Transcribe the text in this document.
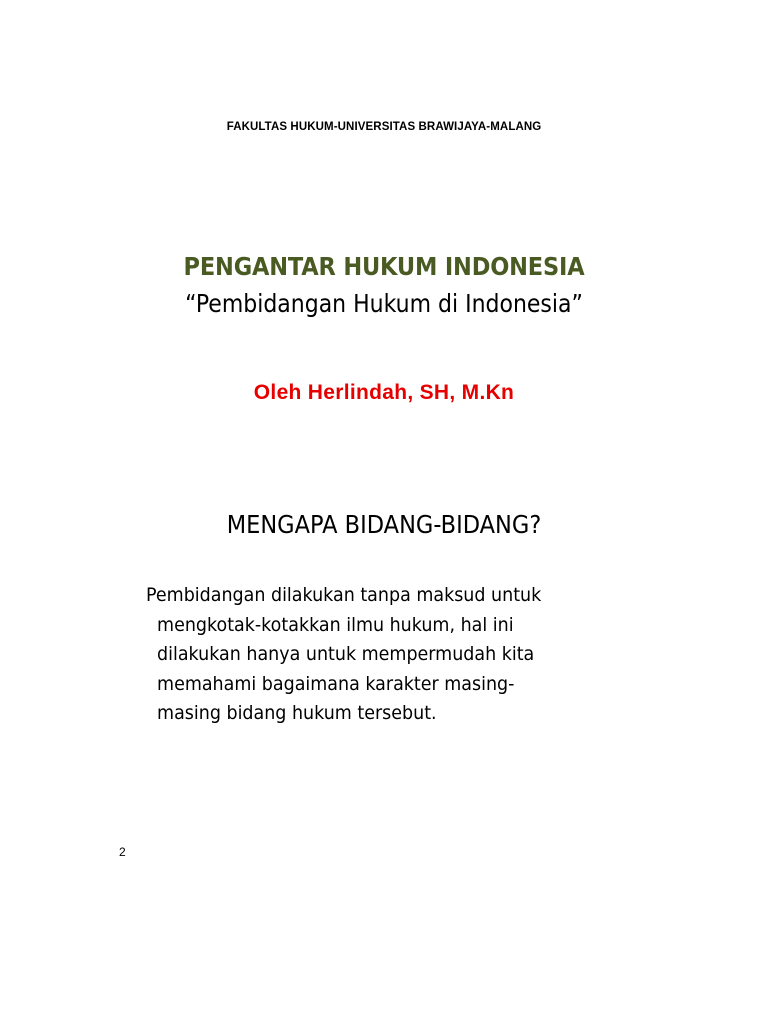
FAKULTAS HUKUM-UNIVERSITAS BRAWIJAYA-MALANG
PENGANTAR HUKUM INDONESIA
“Pembidangan Hukum di Indonesia”
Oleh Herlindah, SH, M.Kn
MENGAPA BIDANG-BIDANG?
Pembidangan dilakukan tanpa maksud untuk
mengkotak-kotakkan ilmu hukum, hal ini
dilakukan hanya untuk mempermudah kita
memahami bagaimana karakter masing-
masing bidang hukum tersebut.
2
